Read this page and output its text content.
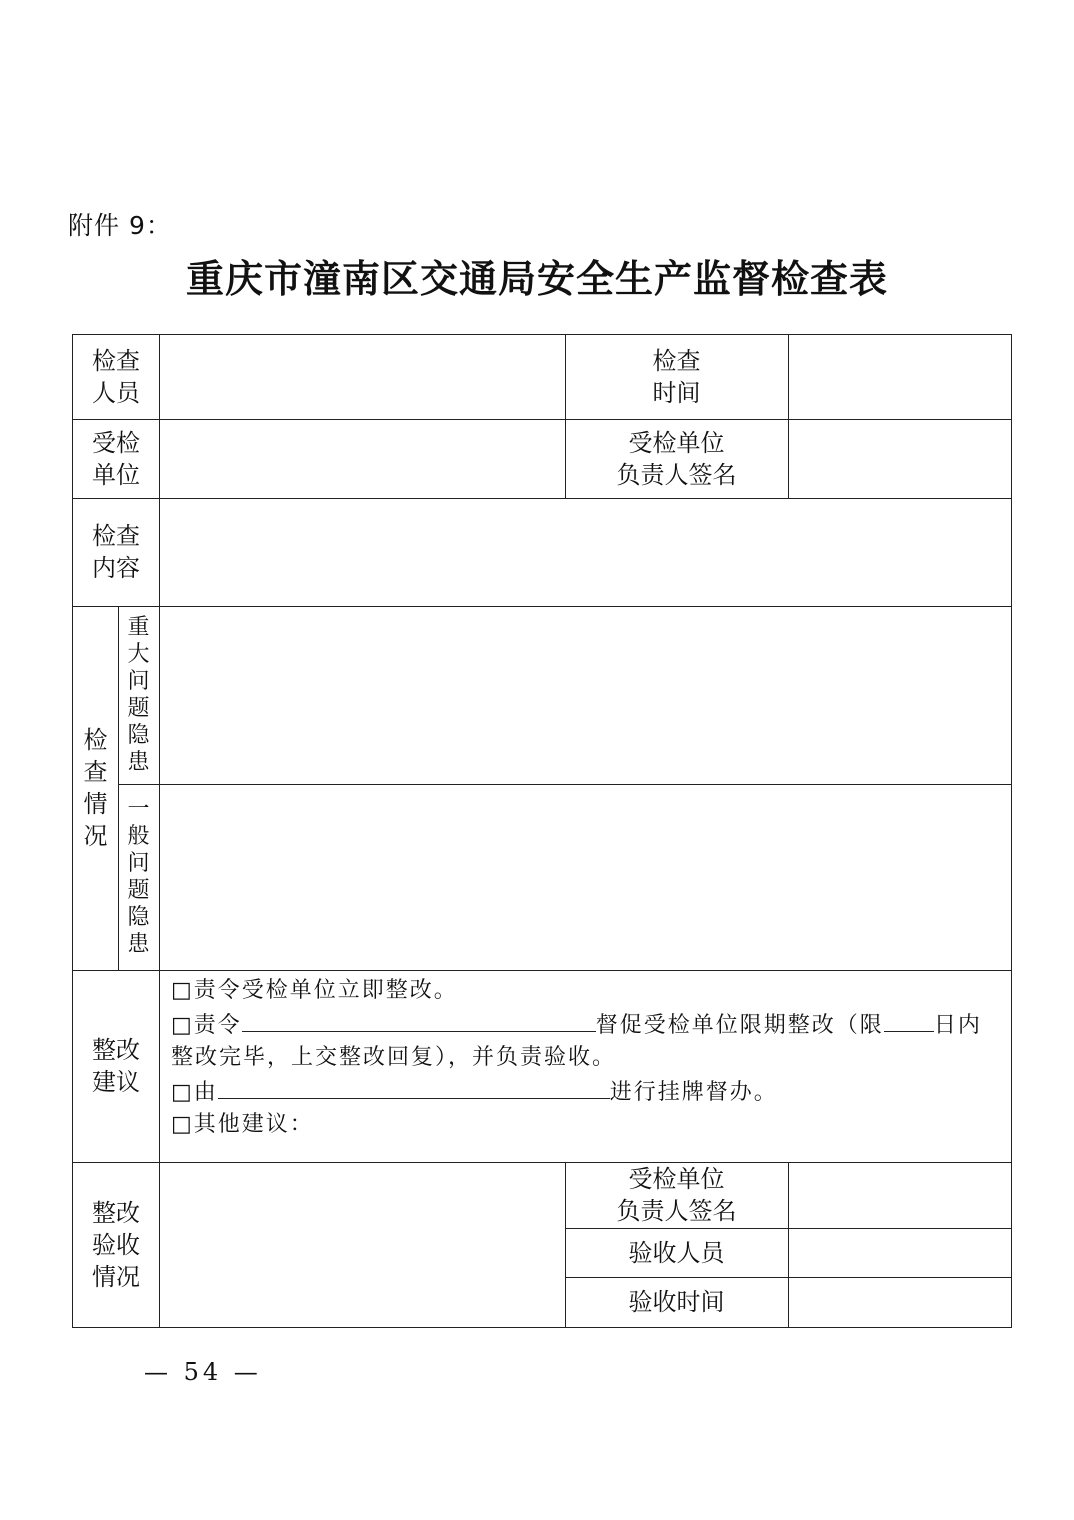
附件 9：
重庆市潼南区交通局安全生产监督检查表
检查
人员
检查
时间
受检
单位
受检单位
负责人签名
检查
内容
检
查
情
况
重
大
问
题
隐
患
一
般
问
题
隐
患
整改
建议
□责令受检单位立即整改。
□责令	督促受检单位限期整改（限 日内
整改完毕，上交整改回复），并负责验收。
□由	进行挂牌督办。
□其他建议：
整改
验收
情况
受检单位
负责人签名
验收人员
验收时间
— 54 —
